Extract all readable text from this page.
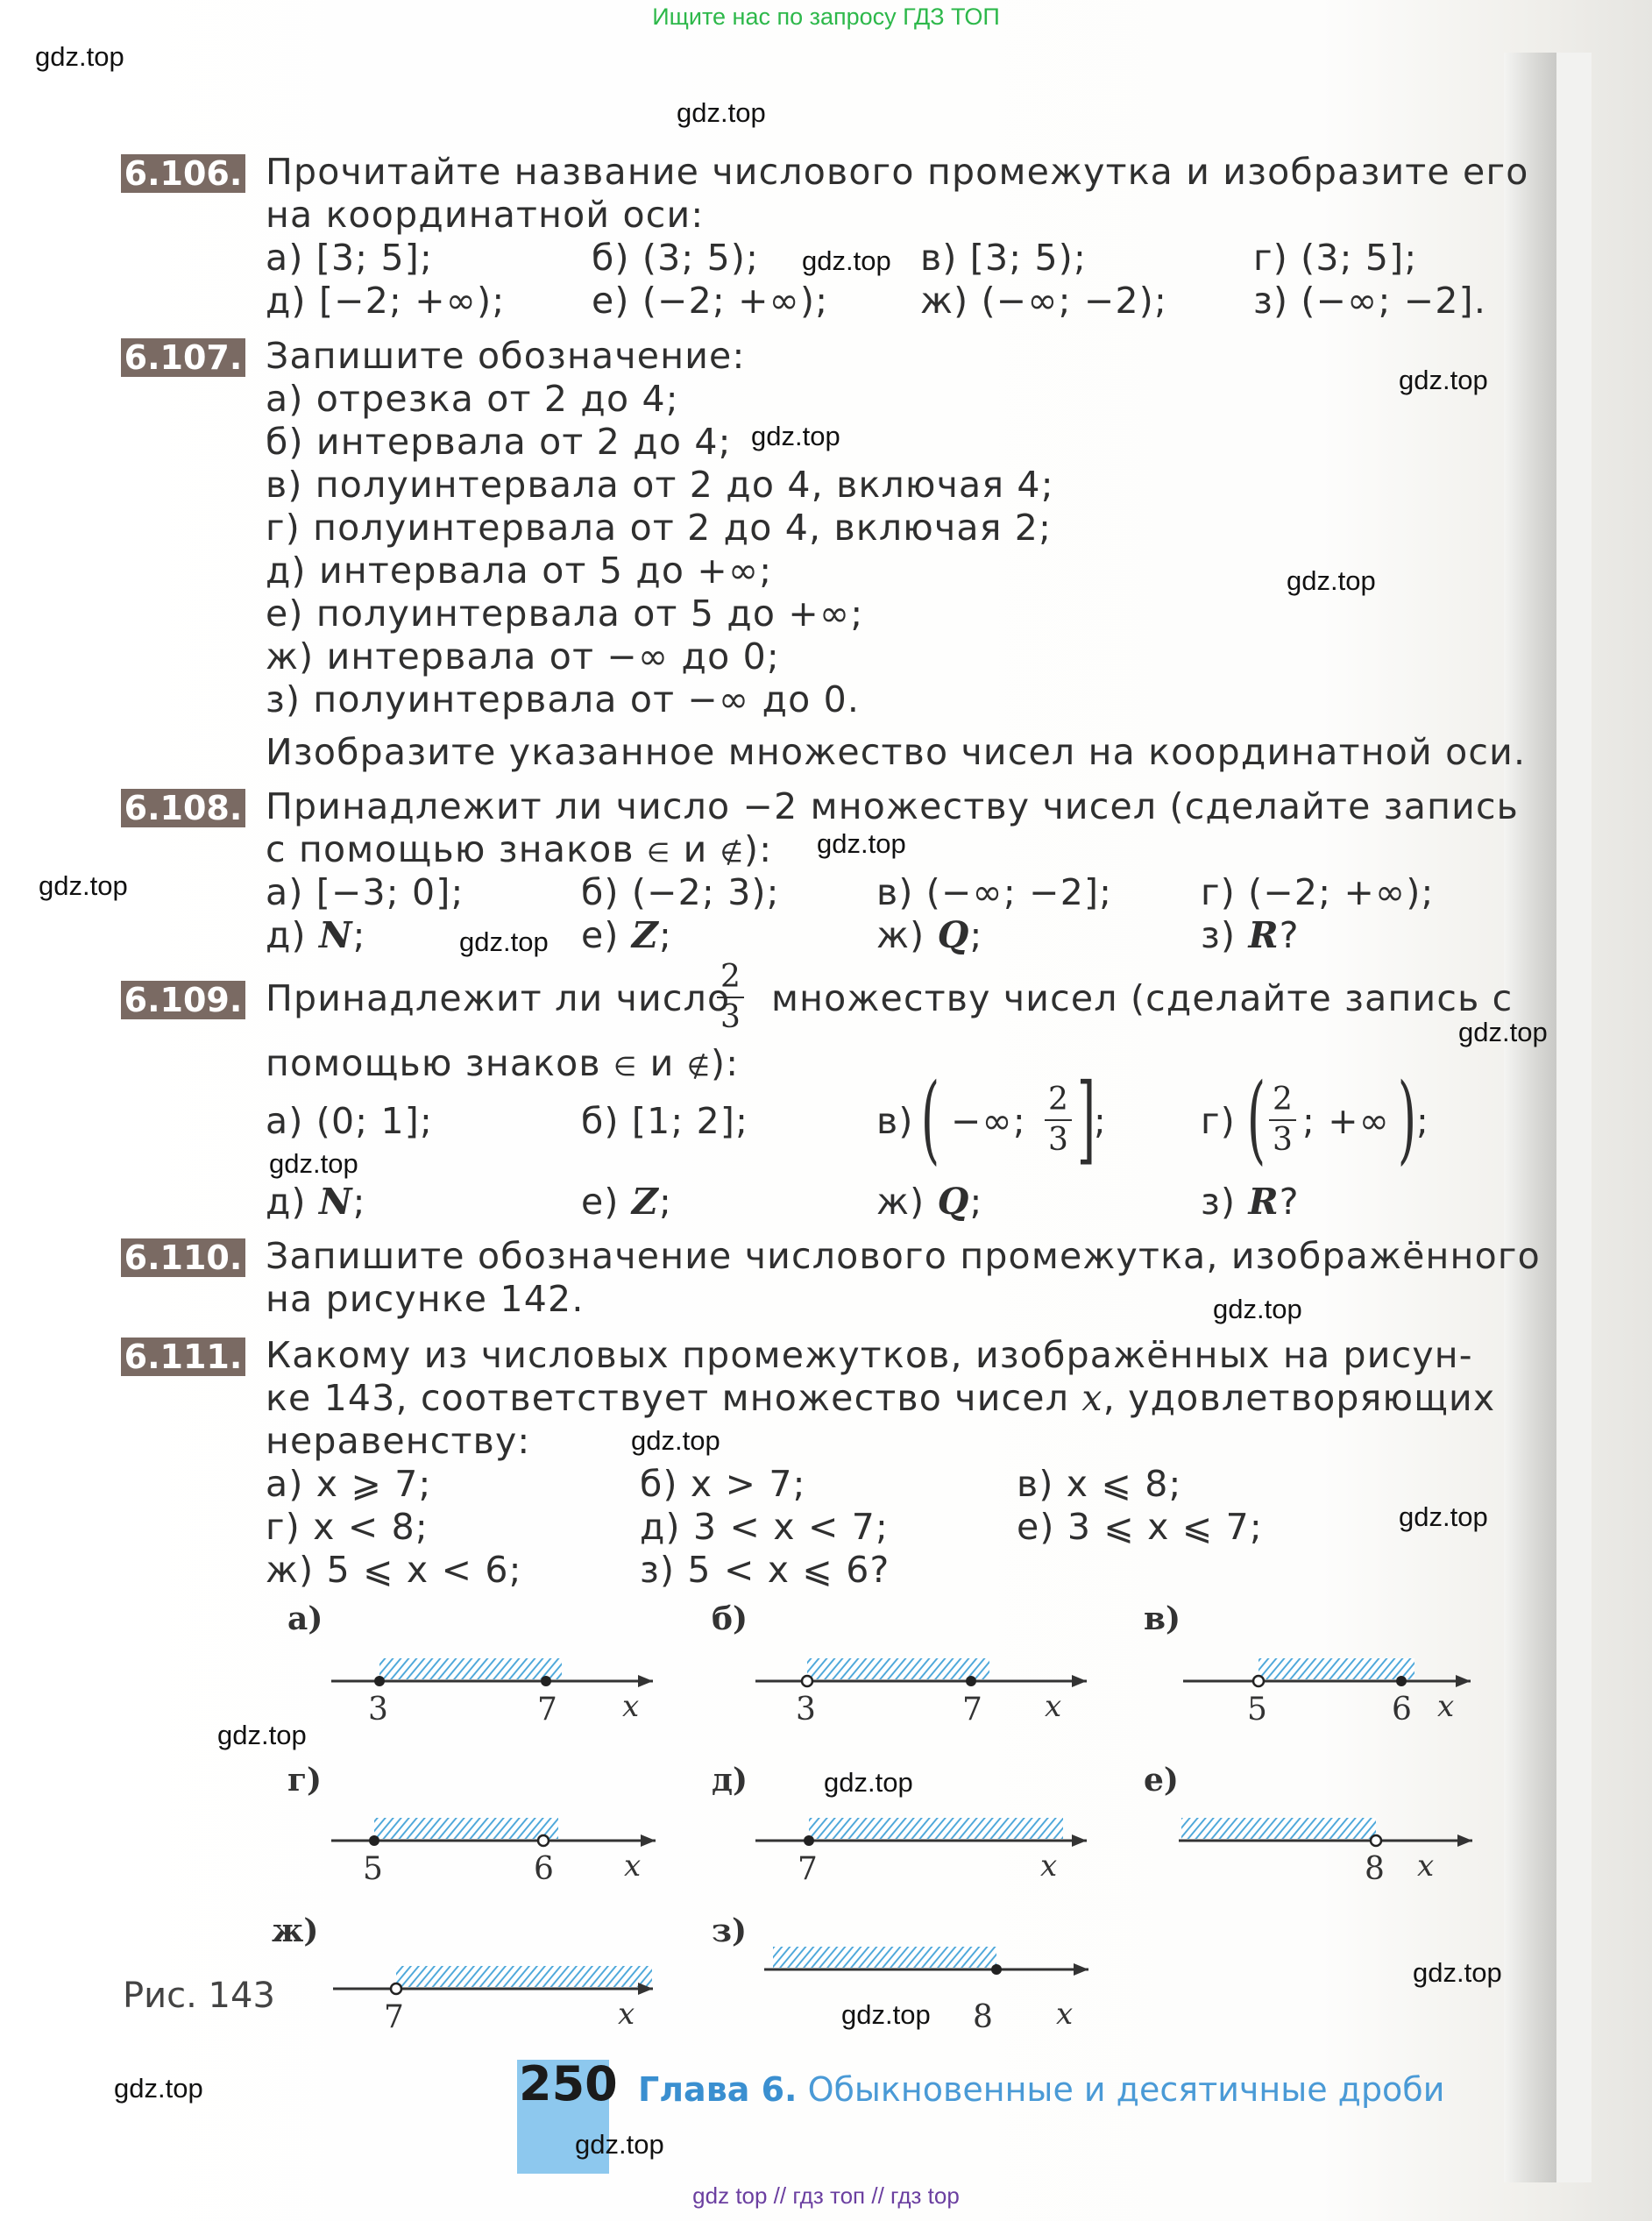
Ищите нас по запросу ГДЗ ТОП
6.106. Прочитайте название числового промежутка и изобразите его
на координатной оси:
а) [3; 5];	б) (3; 5);	в) [3; 5);	г) (3; 5];
д) [−2; +∞); е) (−2; +∞);	ж) (−∞; −2); з) (−∞; −2].
6.107. Запишите обозначение:
а) отрезка от 2 до 4;
б) интервала от 2 до 4;
в) полуинтервала от 2 до 4, включая 4;
г) полуинтервала от 2 до 4, включая 2;
д) интервала от 5 до +∞;
е) полуинтервала от 5 до +∞;
ж) интервала от −∞ до 0;
з) полуинтервала от −∞ до 0.
Изобразите указанное множество чисел на координатной оси.
6.108. Принадлежит ли число −2 множеству чисел (сделайте запись
с помощью знаков ∈ и ∉):
а) [−3; 0];	б) (−2; 3);	в) (−∞; −2]; г) (−2; +∞);
д) N;	е) Z;	ж) Q;	з) R?
6.109. Принадлежит ли число
$\frac{2}{3}$ множеству чисел (сделайте запись с
помощью знаков ∈ и ∉):
а) (0; 1];	б) [1; 2];	в) ( −∞; $\frac{2}{3}$ ]
;	г) ( $\frac{2}{3}$ ; +∞ ) ;
д) N;	е) Z;	ж) Q;	з) R?
6.110. Запишите обозначение числового промежутка, изображённого
на рисунке 142.
6.111. Какому из числовых промежутков, изображённых на рисун-
ке 143, соответствует множество чисел x, удовлетворяющих
неравенству:
а) x ⩾ 7;	б) x > 7;	в) x ⩽ 8;
г) x < 8;	д) 3 < x < 7;	е) 3 ⩽ x ⩽ 7;
ж) 5 ⩽ x < 6;	з) 5 < x ⩽ 6?
а)	б)	в)
г)	д)	е)
ж)	з)
3	7 x	3	7 x	5	6 x
5	6 x	7	x	8 x
7	x	8 x
Рис. 143
250 Глава 6. Обыкновенные и десятичные дроби
gdz.top
gdz.top
gdz.top
gdz.top
gdz.top
gdz.top
gdz.top
gdz.top
gdz.top
gdz.top
gdz.top
gdz.top
gdz.top
gdz.top
gdz.top
gdz.top
gdz.top
gdz.top
gdz.top
gdz.top
gdz top // гдз топ // гдз top
